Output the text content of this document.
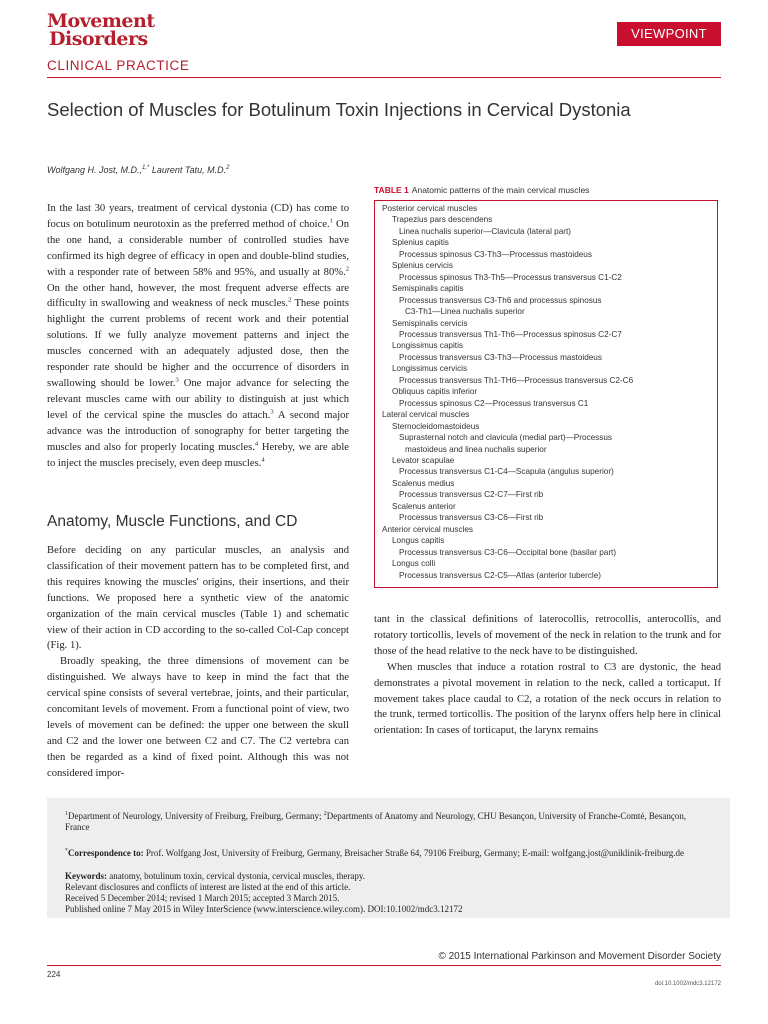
Movement
Disorders	VIEWPOINT
CLINICAL PRACTICE
Selection of Muscles for Botulinum Toxin Injections in Cervical Dystonia
Wolfgang H. Jost, M.D.,$^{1,*}$ Laurent Tatu, M.D.$^2$

In the last 30 years, treatment of cervical dystonia (CD) has come to focus on botulinum neurotoxin as the preferred method of choice.$^1$ On the one hand, a considerable number of controlled studies have confirmed its high degree of efficacy in open and double-blind studies, with a responder rate of between 58% and 95%, and usually at 80%.$^2$ On the other hand, however, the most frequent adverse effects are difficulty in swallowing and weakness of neck muscles.$^2$ These points highlight the current problems of recent work and their potential solutions. If we fully analyze movement patterns and inject the muscles concerned with an adequately adjusted dose, then the responder rate should be higher and the occurrence of disorders in swallowing should be lower.$^3$ One major advance for selecting the relevant muscles came with our ability to distinguish at just which level of the cervical spine the muscles do attach.$^3$ A second major advance was the introduction of sonography for better targeting the muscles and also for properly locating muscles.$^4$ Hereby, we are able to inject the muscles precisely, even deep muscles.$^4$

Anatomy, Muscle Functions, and CD

Before deciding on any particular muscles, an analysis and classification of their movement pattern has to be completed first, and this requires knowing the muscles' origins, their insertions, and their functions. We proposed here a synthetic view of the anatomic organization of the main cervical muscles (Table 1) and schematic view of their action in CD according to the so-called Col-Cap concept (Fig. 1).

Broadly speaking, the three dimensions of movement can be distinguished. We always have to keep in mind the fact that the cervical spine consists of several vertebrae, joints, and their particular, concomitant levels of movement. From a functional point of view, two levels of movement can be defined: the upper one between the skull and C2 and the lower one between C2 and C7. The C2 vertebra can then be regarded as a kind of fixed point. Although this was not considered impor-

TABLE 1 Anatomic patterns of the main cervical muscles
Posterior cervical muscles
Trapezius pars descendens
Linea nuchalis superior—Clavicula (lateral part)
Splenius capitis
Processus spinosus C3-Th3—Processus mastoideus
Splenius cervicis
Processus spinosus Th3-Th5—Processus transversus C1-C2
Semispinalis capitis
Processus transversus C3-Th6 and processus spinosus
C3-Th1—Linea nuchalis superior
Semispinalis cervicis
Processus transversus Th1-Th6—Processus spinosus C2-C7
Longissimus capitis
Processus transversus C3-Th3—Processus mastoideus
Longissimus cervicis
Processus transversus Th1-TH6—Processus transversus C2-C6
Obliquus capitis inferior
Processus spinosus C2—Processus transversus C1
Lateral cervical muscles
Sternocleidomastoideus
Suprasternal notch and clavicula (medial part)—Processus
mastoideus and linea nuchalis superior
Levator scapulae
Processus transversus C1-C4—Scapula (angulus superior)
Scalenus medius
Processus transversus C2-C7—First rib
Scalenus anterior
Processus transversus C3-C6—First rib
Anterior cervical muscles
Longus capitis
Processus transversus C3-C6—Occipital bone (basilar part)
Longus colli
Processus transversus C2-C5—Atlas (anterior tubercle)

tant in the classical definitions of laterocollis, retrocollis, anterocollis, and rotatory torticollis, levels of movement of the neck in relation to the trunk and for those of the head relative to the neck have to be distinguished.

When muscles that induce a rotation rostral to C3 are dystonic, the head demonstrates a pivotal movement in relation to the neck, called a torticaput. If movement takes place caudal to C2, a rotation of the neck occurs in relation to the trunk, termed torticollis. The position of the larynx offers help here in clinical orientation: In cases of torticaput, the larynx remains

$^1$Department of Neurology, University of Freiburg, Freiburg, Germany; $^2$Departments of Anatomy and Neurology, CHU Besançon, University of Franche-Comté, Besançon, France
*Correspondence to: Prof. Wolfgang Jost, University of Freiburg, Germany, Breisacher Straße 64, 79106 Freiburg, Germany; E-mail: wolfgang.jost@uniklinik-freiburg.de
Keywords: anatomy, botulinum toxin, cervical dystonia, cervical muscles, therapy.
Relevant disclosures and conflicts of interest are listed at the end of this article.
Received 5 December 2014; revised 1 March 2015; accepted 3 March 2015.
Published online 7 May 2015 in Wiley InterScience (www.interscience.wiley.com). DOI:10.1002/mdc3.12172
© 2015 International Parkinson and Movement Disorder Society
224
doi:10.1002/mdc3.12172
